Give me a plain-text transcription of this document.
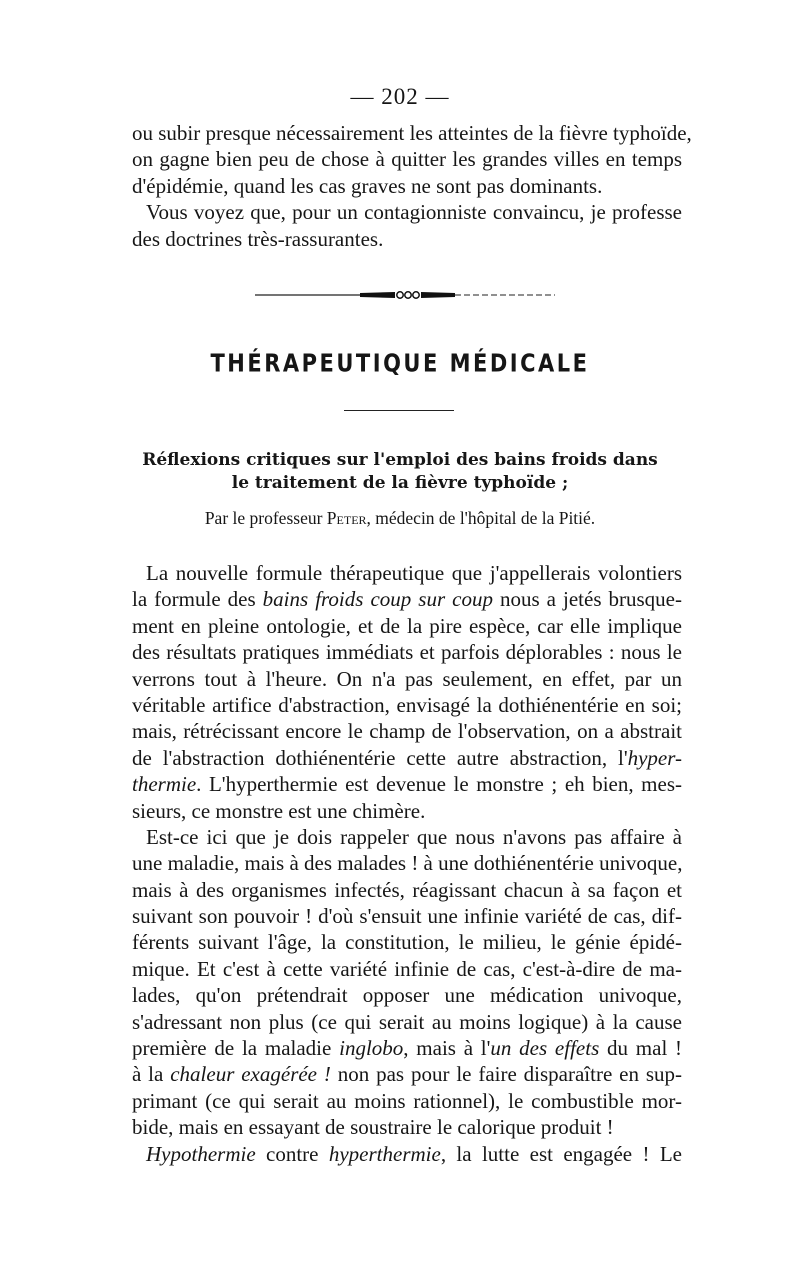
— 202 —
ou subir presque nécessairement les atteintes de la fièvre typhoïde,
on gagne bien peu de chose à quitter les grandes villes en temps
d'épidémie, quand les cas graves ne sont pas dominants.
Vous voyez que, pour un contagionniste convaincu, je professe
des doctrines très-rassurantes.
THÉRAPEUTIQUE MÉDICALE
Réflexions critiques sur l'emploi des bains froids dans
le traitement de la fièvre typhoïde ;
Par le professeur Peter, médecin de l'hôpital de la Pitié.
La nouvelle formule thérapeutique que j'appellerais volontiers
la formule des bains froids coup sur coup nous a jetés brusque-
ment en pleine ontologie, et de la pire espèce, car elle implique
des résultats pratiques immédiats et parfois déplorables : nous le
verrons tout à l'heure. On n'a pas seulement, en effet, par un
véritable artifice d'abstraction, envisagé la dothiénentérie en soi;
mais, rétrécissant encore le champ de l'observation, on a abstrait
de l'abstraction dothiénentérie cette autre abstraction, l'hyper-
thermie. L'hyperthermie est devenue le monstre ; eh bien, mes-
sieurs, ce monstre est une chimère.
Est-ce ici que je dois rappeler que nous n'avons pas affaire à
une maladie, mais à des malades ! à une dothiénentérie univoque,
mais à des organismes infectés, réagissant chacun à sa façon et
suivant son pouvoir ! d'où s'ensuit une infinie variété de cas, dif-
férents suivant l'âge, la constitution, le milieu, le génie épidé-
mique. Et c'est à cette variété infinie de cas, c'est-à-dire de ma-
lades, qu'on prétendrait opposer une médication univoque,
s'adressant non plus (ce qui serait au moins logique) à la cause
première de la maladie inglobo, mais à l'un des effets du mal !
à la chaleur exagérée ! non pas pour le faire disparaître en sup-
primant (ce qui serait au moins rationnel), le combustible mor-
bide, mais en essayant de soustraire le calorique produit !
Hypothermie contre hyperthermie, la lutte est engagée ! Le
